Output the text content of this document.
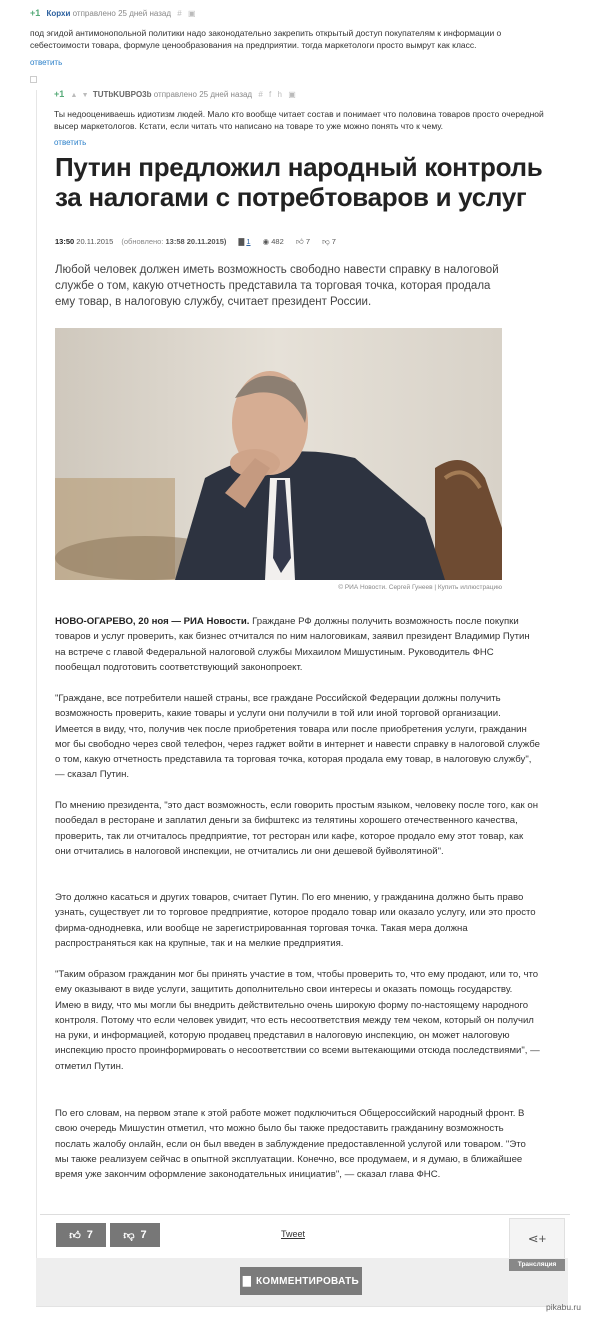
+1 Корхи отправлено 25 дней назад # ▣
под эгидой антимонопольной политики надо законодательно закрепить открытый доступ покупателям к информации о себестоимости товара, формуле ценообразования на предприятии. тогда маркетологи просто вымрут как класс.
ответить
+1 ▲ ▼ TUTbKUBPO3b отправлено 25 дней назад # f h ▣
Ты недооцениваешь идиотизм людей. Мало кто вообще читает состав и понимает что половина товаров просто очередной высер маркетологов. Кстати, если читать что написано на товаре то уже можно понять что к чему.
ответить
Путин предложил народный контроль за налогами с потребтоваров и услуг
13:50 20.11.2015 (обновлено: 13:58 20.11.2015) ▇ 1 ◉ 482 👍︎ 7 👎︎ 7
Любой человек должен иметь возможность свободно навести справку в налоговой службе о том, какую отчетность представила та торговая точка, которая продала ему товар, в налоговую службу, считает президент России.
© РИА Новости. Сергей Гунеев | Купить иллюстрацию
НОВО-ОГАРЕВО, 20 ноя — РИА Новости. Граждане РФ должны получить возможность после покупки товаров и услуг проверить, как бизнес отчитался по ним налоговикам, заявил президент Владимир Путин на встрече с главой Федеральной налоговой службы Михаилом Мишустиным. Руководитель ФНС пообещал подготовить соответствующий законопроект.
"Граждане, все потребители нашей страны, все граждане Российской Федерации должны получить возможность проверить, какие товары и услуги они получили в той или иной торговой организации. Имеется в виду, что, получив чек после приобретения товара или после приобретения услуги, гражданин мог бы свободно через свой телефон, через гаджет войти в интернет и навести справку в налоговой службе о том, какую отчетность представила та торговая точка, которая продала ему товар, в налоговую службу", — сказал Путин.
По мнению президента, "это даст возможность, если говорить простым языком, человеку после того, как он пообедал в ресторане и заплатил деньги за бифштекс из телятины хорошего отечественного качества, проверить, так ли отчиталось предприятие, тот ресторан или кафе, которое продало ему этот товар, как они отчитались в налоговой инспекции, не отчитались ли они дешевой буйволятиной".
Это должно касаться и других товаров, считает Путин. По его мнению, у гражданина должно быть право узнать, существует ли то торговое предприятие, которое продало товар или оказало услугу, или это просто фирма-однодневка, или вообще не зарегистрированная торговая точка. Такая мера должна распространяться как на крупные, так и на мелкие предприятия.
"Таким образом гражданин мог бы принять участие в том, чтобы проверить то, что ему продают, или то, что ему оказывают в виде услуги, защитить дополнительно свои интересы и оказать помощь государству. Имею в виду, что мы могли бы внедрить действительно очень широкую форму по-настоящему народного контроля. Потому что если человек увидит, что есть несоответствия между тем чеком, который он получил на руки, и информацией, которую продавец представил в налоговую инспекцию, он может налоговую инспекцию просто проинформировать о несоответствии со всеми вытекающими отсюда последствиями", — отметил Путин.
По его словам, на первом этапе к этой работе может подключиться Общероссийский народный фронт. В свою очередь Мишустин отметил, что можно было бы также предоставить гражданину возможность послать жалобу онлайн, если он был введен в заблуждение предоставленной услугой или товаром. "Это мы также реализуем сейчас в опытной эксплуатации. Конечно, все продумаем, и я думаю, в ближайшее время уже закончим оформление законодательных инициатив", — сказал глава ФНС.
👍︎ 7	👎︎ 7	Tweet	⋖+
Трансляция
▇ КОММЕНТИРОВАТЬ
pikabu.ru
